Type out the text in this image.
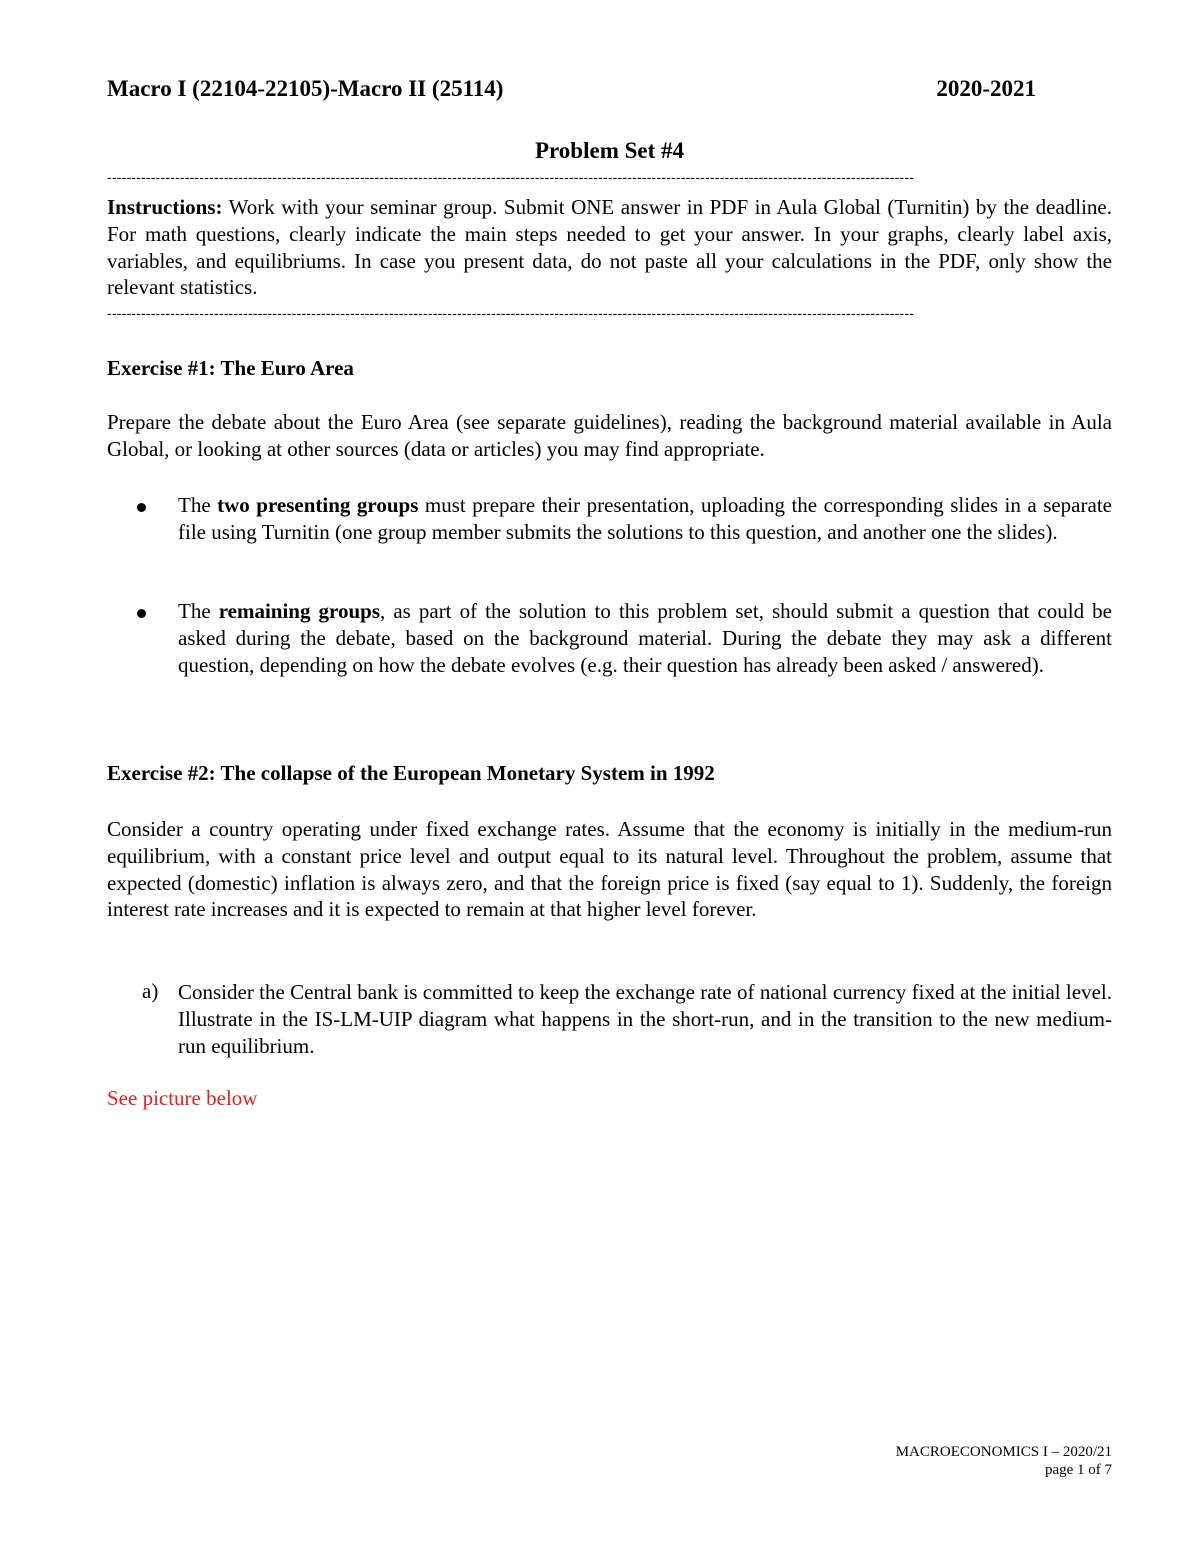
Macro I (22104-22105)-Macro II (25114)	2020-2021
Problem Set #4
----------------------------------------------------------------------------------------------------------------------------------------------------------------------

Instructions: Work with your seminar group. Submit ONE answer in PDF in Aula Global (Turnitin) by the deadline. For math questions, clearly indicate the main steps needed to get your answer. In your graphs, clearly label axis, variables, and equilibriums. In case you present data, do not paste all your calculations in the PDF, only show the relevant statistics.

----------------------------------------------------------------------------------------------------------------------------------------------------------------------
Exercise #1: The Euro Area

Prepare the debate about the Euro Area (see separate guidelines), reading the background material available in Aula Global, or looking at other sources (data or articles) you may find appropriate.

The two presenting groups must prepare their presentation, uploading the corresponding slides in a separate file using Turnitin (one group member submits the solutions to this question, and another one the slides).

The remaining groups, as part of the solution to this problem set, should submit a question that could be asked during the debate, based on the background material. During the debate they may ask a different question, depending on how the debate evolves (e.g. their question has already been asked / answered).

Exercise #2: The collapse of the European Monetary System in 1992

Consider a country operating under fixed exchange rates. Assume that the economy is initially in the medium-run equilibrium, with a constant price level and output equal to its natural level. Throughout the problem, assume that expected (domestic) inflation is always zero, and that the foreign price is fixed (say equal to 1). Suddenly, the foreign interest rate increases and it is expected to remain at that higher level forever.

a) Consider the Central bank is committed to keep the exchange rate of national currency fixed at the initial level. Illustrate in the IS-LM-UIP diagram what happens in the short-run, and in the transition to the new medium-run equilibrium.

See picture below
MACROECONOMICS I – 2020/21
page 1 of 7
